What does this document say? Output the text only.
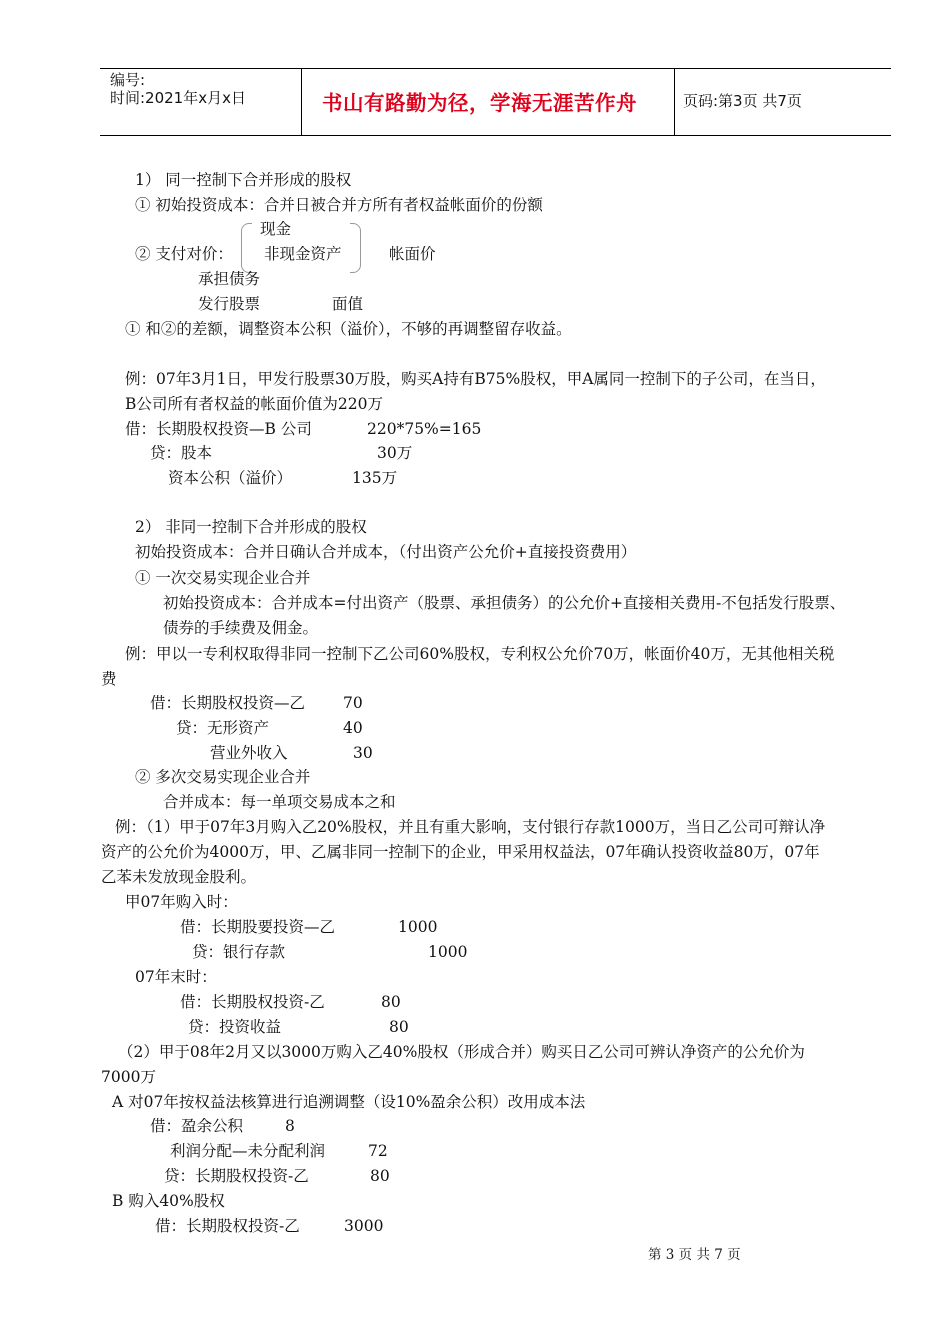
编号:
时间:2021年x月x日	书山有路勤为径，学海无涯苦作舟	页码:第3页 共7页
1） 同一控制下合并形成的股权
① 初始投资成本：合并日被合并方所有者权益帐面价的份额
现金
② 支付对价： 非现金资产	帐面价
承担债务
发行股票	面值
① 和②的差额，调整资本公积（溢价），不够的再调整留存收益。
例：07年3月1日，甲发行股票30万股，购买A持有B75%股权，甲A属同一控制下的子公司，在当日，
B公司所有者权益的帐面价值为220万
借：长期股权投资—B 公司	220*75%=165
贷：股本	30万
资本公积（溢价）	135万
2） 非同一控制下合并形成的股权
初始投资成本：合并日确认合并成本，（付出资产公允价+直接投资费用）
① 一次交易实现企业合并
初始投资成本：合并成本=付出资产（股票、承担债务）的公允价+直接相关费用-不包括发行股票、
债券的手续费及佣金。
例：甲以一专利权取得非同一控制下乙公司60%股权，专利权公允价70万，帐面价40万，无其他相关税
费
借：长期股权投资—乙 70
贷：无形资产	40
营业外收入	30
② 多次交易实现企业合并
合并成本：每一单项交易成本之和
例：（1）甲于07年3月购入乙20%股权，并且有重大影响，支付银行存款1000万，当日乙公司可辩认净
资产的公允价为4000万，甲、乙属非同一控制下的企业，甲采用权益法，07年确认投资收益80万，07年
乙苯未发放现金股利。
甲07年购入时：
借：长期股要投资—乙	1000
贷：银行存款	1000
07年末时：
借：长期股权投资-乙	80
贷：投资收益	80
（2）甲于08年2月又以3000万购入乙40%股权（形成合并）购买日乙公司可辨认净资产的公允价为
7000万
A 对07年按权益法核算进行追溯调整（设10%盈余公积）改用成本法
借：盈余公积	8
利润分配—未分配利润	72
贷：长期股权投资-乙	80
B 购入40%股权
借：长期股权投资-乙	3000
第 3 页 共 7 页
